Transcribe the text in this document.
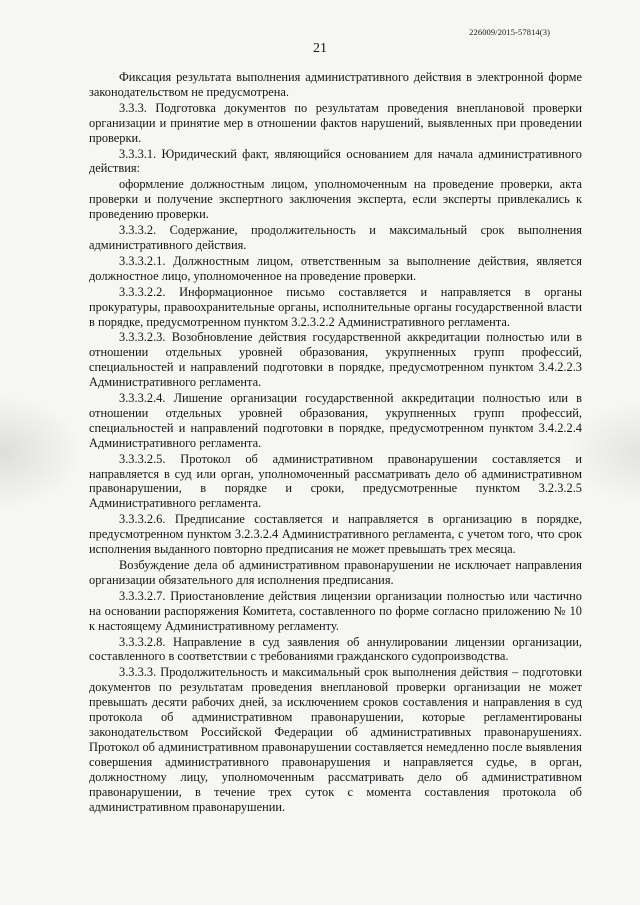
226009/2015-57814(3)
21

Фиксация результата выполнения административного действия в электронной форме законодательством не предусмотрена.

3.3.3. Подготовка документов по результатам проведения внеплановой проверки организации и принятие мер в отношении фактов нарушений, выявленных при проведении проверки.

3.3.3.1. Юридический факт, являющийся основанием для начала административного действия:

оформление должностным лицом, уполномоченным на проведение проверки, акта проверки и получение экспертного заключения эксперта, если эксперты привлекались к проведению проверки.

3.3.3.2. Содержание, продолжительность и максимальный срок выполнения административного действия.

3.3.3.2.1. Должностным лицом, ответственным за выполнение действия, является должностное лицо, уполномоченное на проведение проверки.

3.3.3.2.2. Информационное письмо составляется и направляется в органы прокуратуры, правоохранительные органы, исполнительные органы государственной власти в порядке, предусмотренном пунктом 3.2.3.2.2 Административного регламента.

3.3.3.2.3. Возобновление действия государственной аккредитации полностью или в отношении отдельных уровней образования, укрупненных групп профессий, специальностей и направлений подготовки в порядке, предусмотренном пунктом 3.4.2.2.3 Административного регламента.

3.3.3.2.4. Лишение организации государственной аккредитации полностью или в отношении отдельных уровней образования, укрупненных групп профессий, специальностей и направлений подготовки в порядке, предусмотренном пунктом 3.4.2.2.4 Административного регламента.

3.3.3.2.5. Протокол об административном правонарушении составляется и направляется в суд или орган, уполномоченный рассматривать дело об административном правонарушении, в порядке и сроки, предусмотренные пунктом 3.2.3.2.5 Административного регламента.

3.3.3.2.6. Предписание составляется и направляется в организацию в порядке, предусмотренном пунктом 3.2.3.2.4 Административного регламента, с учетом того, что срок исполнения выданного повторно предписания не может превышать трех месяца.

Возбуждение дела об административном правонарушении не исключает направления организации обязательного для исполнения предписания.

3.3.3.2.7. Приостановление действия лицензии организации полностью или частично на основании распоряжения Комитета, составленного по форме согласно приложению № 10 к настоящему Административному регламенту.

3.3.3.2.8. Направление в суд заявления об аннулировании лицензии организации, составленного в соответствии с требованиями гражданского судопроизводства.

3.3.3.3. Продолжительность и максимальный срок выполнения действия – подготовки документов по результатам проведения внеплановой проверки организации не может превышать десяти рабочих дней, за исключением сроков составления и направления в суд протокола об административном правонарушении, которые регламентированы законодательством Российской Федерации об административных правонарушениях. Протокол об административном правонарушении составляется немедленно после выявления совершения административного правонарушения и направляется судье, в орган, должностному лицу, уполномоченным рассматривать дело об административном правонарушении, в течение трех суток с момента составления протокола об административном правонарушении.
